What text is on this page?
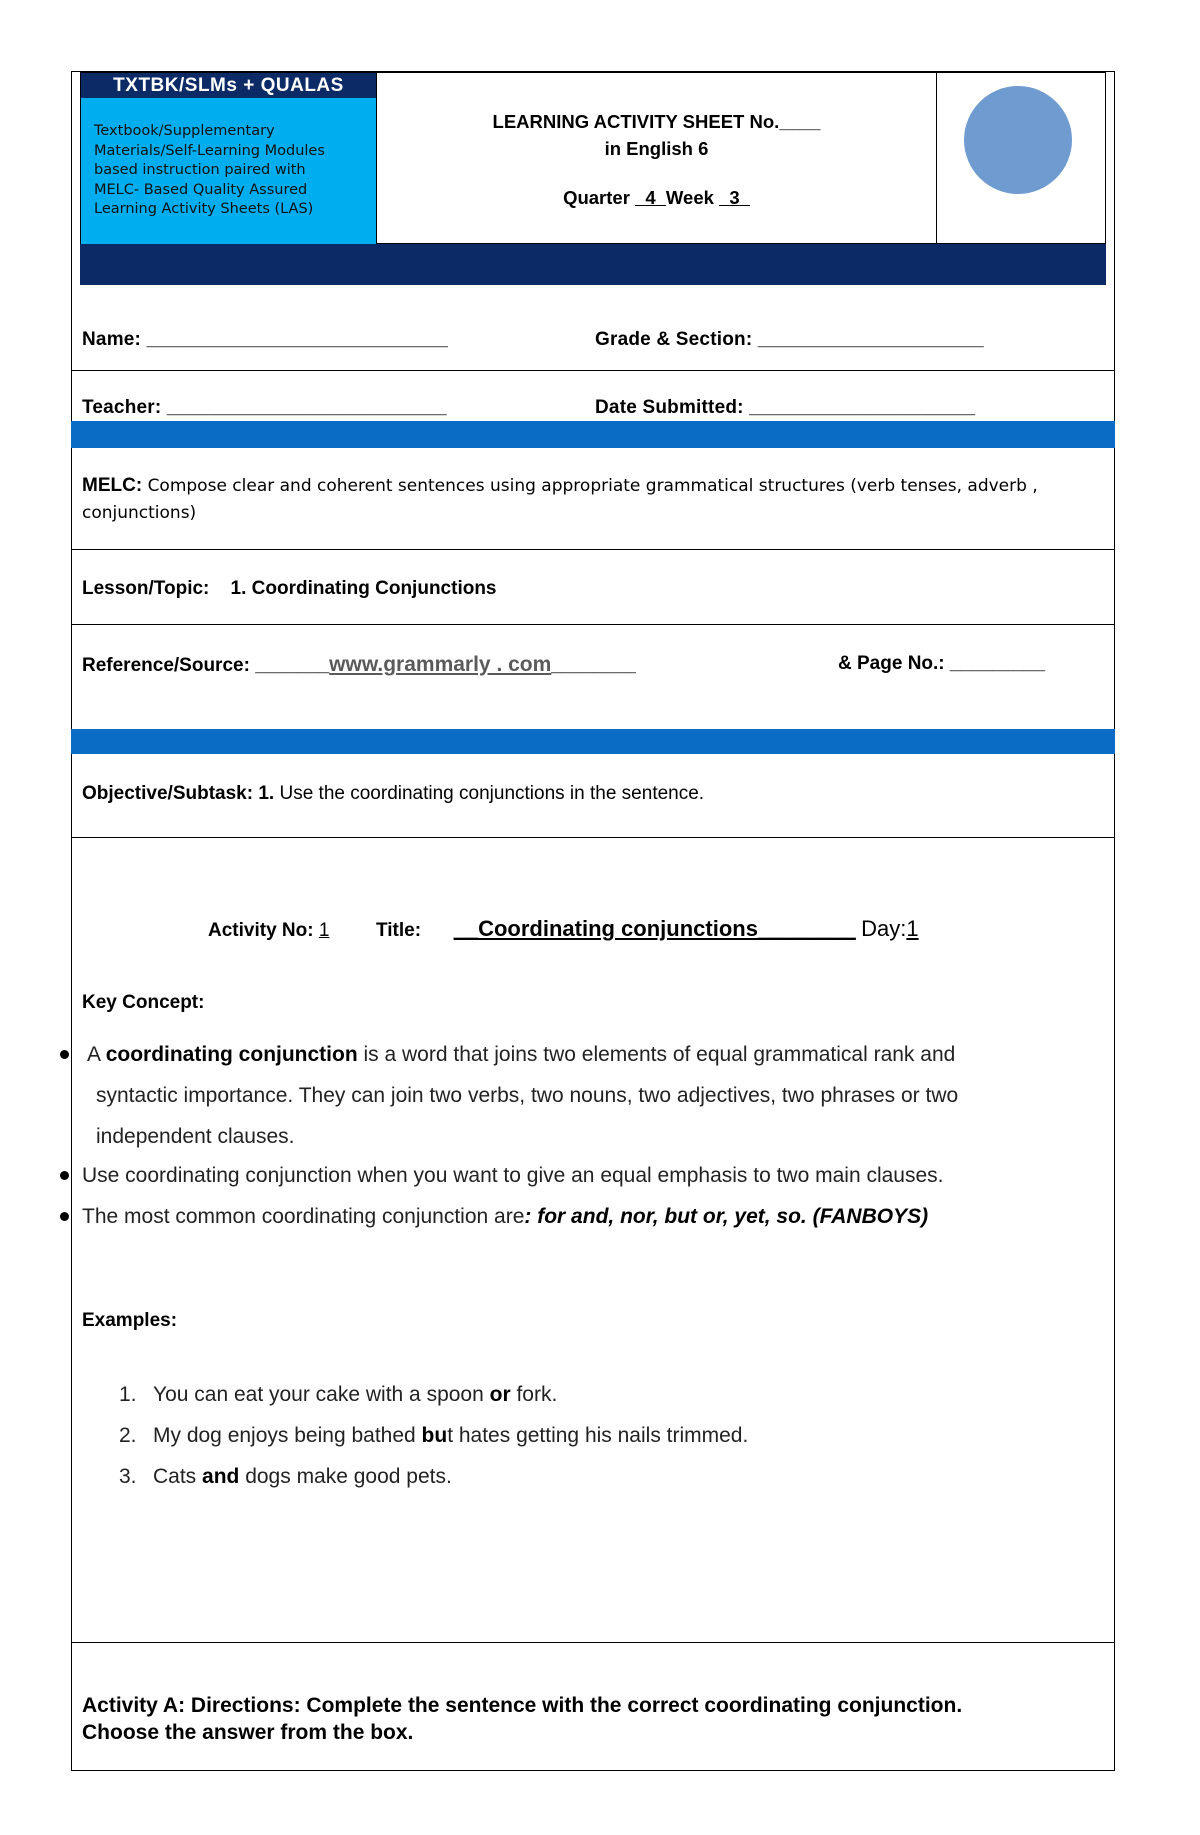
TXTBK/SLMs + QUALAS
Textbook/Supplementary
Materials/Self-Learning Modules
based instruction paired with
MELC- Based Quality Assured
Learning Activity Sheets (LAS)
LEARNING ACTIVITY SHEET No.____
in English 6
Quarter 4 Week 3
Name: ____________________________	Grade & Section: _____________________
Teacher: __________________________	Date Submitted: _____________________
MELC: Compose clear and coherent sentences using appropriate grammatical structures (verb tenses, adverb , conjunctions)
Lesson/Topic: 1. Coordinating Conjunctions
Reference/Source: _______www.grammarly . com________	& Page No.: _________
Objective/Subtask: 1. Use the coordinating conjunctions in the sentence.
Activity No: 1 Title: __Coordinating conjunctions________ Day:1
Key Concept:
A coordinating conjunction is a word that joins two elements of equal grammatical rank and
syntactic importance. They can join two verbs, two nouns, two adjectives, two phrases or two
independent clauses.
Use coordinating conjunction when you want to give an equal emphasis to two main clauses.
The most common coordinating conjunction are: for and, nor, but or, yet, so. (FANBOYS)
Examples:
1. You can eat your cake with a spoon or fork.
2. My dog enjoys being bathed but hates getting his nails trimmed.
3. Cats and dogs make good pets.
Activity A: Directions: Complete the sentence with the correct coordinating conjunction.
Choose the answer from the box.
